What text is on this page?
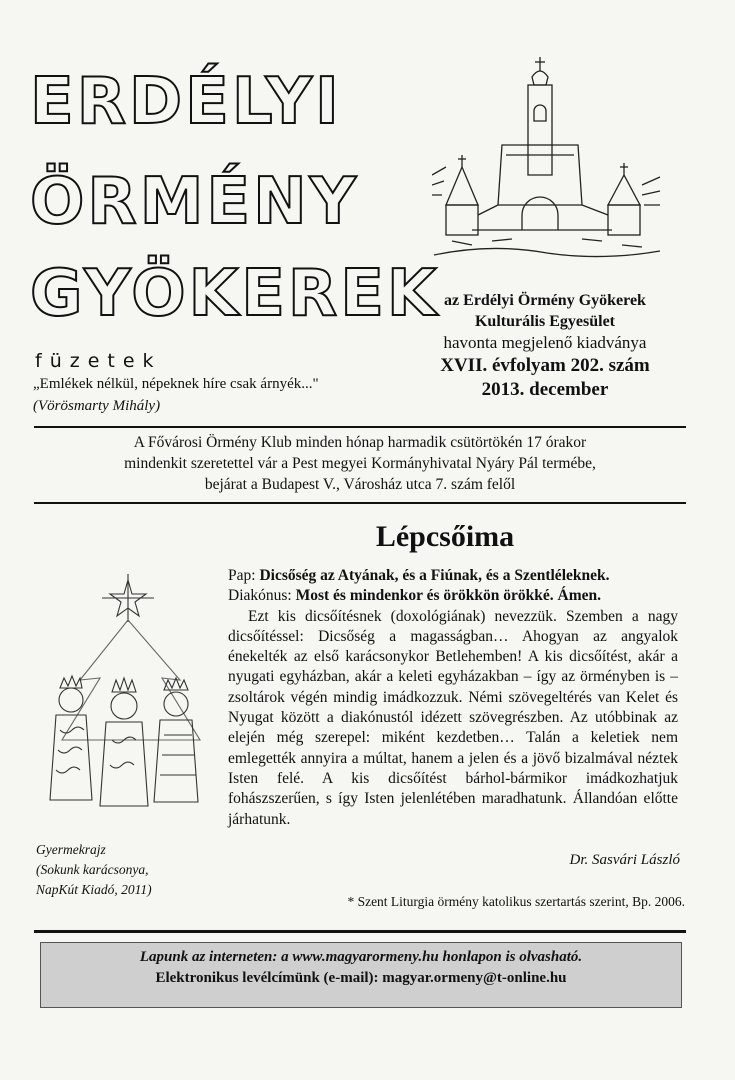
ERDÉLYI
ÖRMÉNY
GYÖKEREK
füzetek
„Emlékek nélkül, népeknek híre csak árnyék..."
(Vörösmarty Mihály)
az Erdélyi Örmény Gyökerek
Kulturális Egyesület
havonta megjelenő kiadványa
XVII. évfolyam 202. szám
2013. december
A Fővárosi Örmény Klub minden hónap harmadik csütörtökén 17 órakor
mindenkit szeretettel vár a Pest megyei Kormányhivatal Nyáry Pál termébe,
bejárat a Budapest V., Városház utca 7. szám felől
Lépcsőima

Pap: Dicsőség az Atyának, és a Fiúnak, és a Szentléleknek.

Diakónus: Most és mindenkor és örökkön örökké. Ámen.

Ezt kis dicsőítésnek (doxológiának) nevezzük. Szemben a nagy dicsőítéssel: Dicsőség a magasságban… Ahogyan az angyalok énekelték az első karácsonykor Betlehemben! A kis dicsőítést, akár a nyugati egyházban, akár a keleti egyházakban – így az örményben is – zsoltárok végén mindig imádkozzuk. Némi szövegeltérés van Kelet és Nyugat között a diakónustól idézett szövegrészben. Az utóbbinak az elején még szerepel: miként kezdetben… Talán a keletiek nem emlegették annyira a múltat, hanem a jelen és a jövő bizalmával néztek Isten felé. A kis dicsőítést bárhol-bármikor imádkozhatjuk fohászszerűen, s így Isten jelenlétében maradhatunk. Állandóan előtte járhatunk.

Dr. Sasvári László
Gyermekrajz
(Sokunk karácsonya,
NapKút Kiadó, 2011)
* Szent Liturgia örmény katolikus szertartás szerint, Bp. 2006.
Lapunk az interneten: a www.magyarormeny.hu honlapon is olvasható.
Elektronikus levélcímünk (e-mail): magyar.ormeny@t-online.hu
